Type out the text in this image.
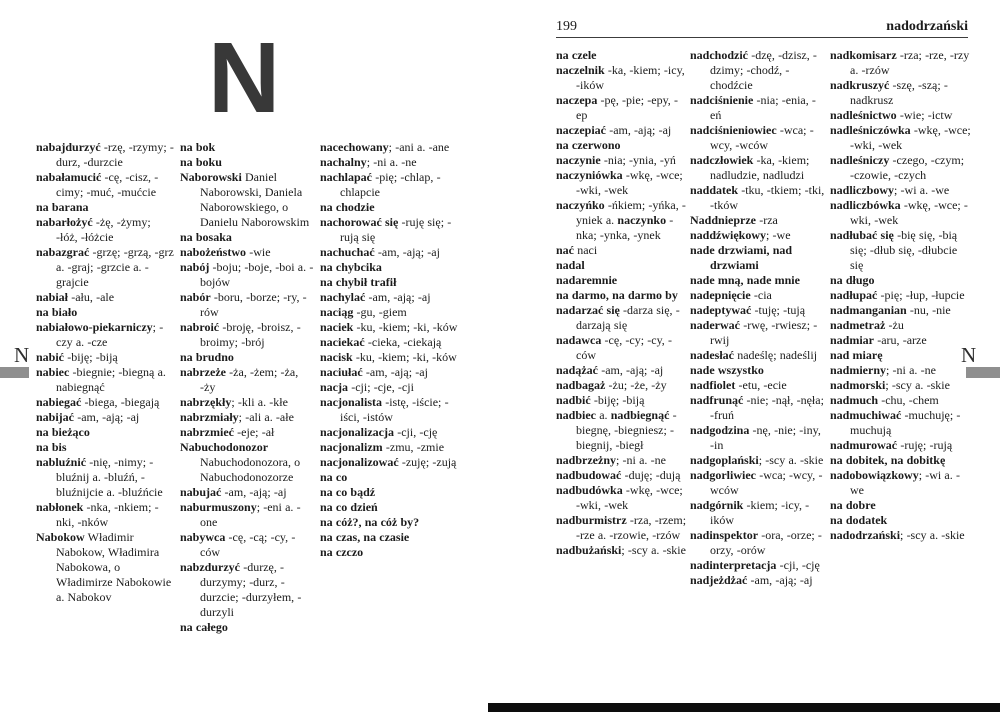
N	199	nadodrzański

nabajdurzyć -rzę, -rzymy; -durz, -durzcie

nabałamucić -cę, -cisz, -cimy; -muć, -mućcie

na barana

nabarłożyć -żę, -żymy; -łóż, -łóżcie

nabazgrać -grzę; -grzą, -grz a. -graj; -grzcie a. -grajcie

nabiał -ału, -ale

na biało

nabiałowo-piekarniczy; -czy a. -cze

nabić -biję; -biją

nabiec -biegnie; -biegną a. nabiegnąć

nabiegać -biega, -biegają

nabijać -am, -ają; -aj

na bieżąco

na bis

nabluźnić -nię, -nimy; -bluźnij a. -bluźń, -bluźnijcie a. -bluźńcie

nabłonek -nka, -nkiem; -nki, -nków

Nabokow Władimir Nabokow, Władimira Nabokowa, o Władimirze Nabokowie a. Nabokov

na bok

na boku

Naborowski Daniel Naborowski, Daniela Naborowskiego, o Danielu Naborowskim

na bosaka

nabożeństwo -wie

nabój -boju; -boje, -boi a. -bojów

nabór -boru, -borze; -ry, -rów

nabroić -broję, -broisz, -broimy; -brój

na brudno

nabrzeże -ża, -żem; -ża, -ży

nabrzękły; -kli a. -kłe

nabrzmiały; -ali a. -ałe

nabrzmieć -eje; -ał

Nabuchodonozor Nabuchodonozora, o Nabuchodonozorze

nabujać -am, -ają; -aj

naburmuszony; -eni a. -one

nabywca -cę, -cą; -cy, -ców

nabzdurzyć -durzę, -durzymy; -durz, -durzcie; -durzyłem, -durzyli

na całego

nacechowany; -ani a. -ane

nachalny; -ni a. -ne

nachlapać -pię; -chlap, -chlapcie

na chodzie

nachorować się -ruję się; -rują się

nachuchać -am, -ają; -aj

na chybcika

na chybił trafił

nachylać -am, -ają; -aj

naciąg -gu, -giem

naciek -ku, -kiem; -ki, -ków

naciekać -cieka, -ciekają

nacisk -ku, -kiem; -ki, -ków

naciułać -am, -ają; -aj

nacja -cji; -cje, -cji

nacjonalista -istę, -iście; -iści, -istów

nacjonalizacja -cji, -cję

nacjonalizm -zmu, -zmie

nacjonalizować -zuję; -zują

na co

na co bądź

na co dzień

na cóż?, na cóż by?

na czas, na czasie

na czczo

na czele

naczelnik -ka, -kiem; -icy, -ików

naczepa -pę, -pie; -epy, -ep

naczepiać -am, -ają; -aj

na czerwono

naczynie -nia; -ynia, -yń

naczyniówka -wkę, -wce; -wki, -wek

naczyńko -ńkiem; -yńka, -yniek a. naczynko -nka; -ynka, -ynek

nać naci

nadal

nadaremnie

na darmo, na darmo by

nadarzać się -darza się, -darzają się

nadawca -cę, -cy; -cy, -ców

nadążać -am, -ają; -aj

nadbagaż -żu; -że, -ży

nadbić -biję; -biją

nadbiec a. nadbiegnąć -biegnę, -biegniesz; -biegnij, -biegł

nadbrzeżny; -ni a. -ne

nadbudować -duję; -dują

nadbudówka -wkę, -wce; -wki, -wek

nadburmistrz -rza, -rzem; -rze a. -rzowie, -rzów

nadbużański; -scy a. -skie

nadchodzić -dzę, -dzisz, -dzimy; -chodź, -chodźcie

nadciśnienie -nia; -enia, -eń

nadciśnieniowiec -wca; -wcy, -wców

nadczłowiek -ka, -kiem; nadludzie, nadludzi

naddatek -tku, -tkiem; -tki, -tków

Naddnieprze -rza

naddźwiękowy; -we

nade drzwiami, nad drzwiami

nade mną, nade mnie

nadepnięcie -cia

nadeptywać -tuję; -tują

naderwać -rwę, -rwiesz; -rwij

nadesłać nadeślę; nadeślij

nade wszystko

nadfiolet -etu, -ecie

nadfrunąć -nie; -nął, -nęła; -fruń

nadgodzina -nę, -nie; -iny, -in

nadgoplański; -scy a. -skie

nadgorliwiec -wca; -wcy, -wców

nadgórnik -kiem; -icy, -ików

nadinspektor -ora, -orze; -orzy, -orów

nadinterpretacja -cji, -cję

nadjeżdżać -am, -ają; -aj

nadkomisarz -rza; -rze, -rzy a. -rzów

nadkruszyć -szę, -szą; -nadkrusz

nadleśnictwo -wie; -ictw

nadleśniczówka -wkę, -wce; -wki, -wek

nadleśniczy -czego, -czym; -czowie, -czych

nadliczbowy; -wi a. -we

nadliczbówka -wkę, -wce; -wki, -wek

nadłubać się -bię się, -bią się; -dłub się, -dłubcie się

na długo

nadłupać -pię; -łup, -łupcie

nadmanganian -nu, -nie

nadmetraż -żu

nadmiar -aru, -arze

nad miarę

nadmierny; -ni a. -ne

nadmorski; -scy a. -skie

nadmuch -chu, -chem

nadmuchiwać -muchuję; -muchują

nadmurować -ruję; -rują

na dobitek, na dobitkę

nadobowiązkowy; -wi a. -we

na dobre

na dodatek

nadodrzański; -scy a. -skie

N	N
